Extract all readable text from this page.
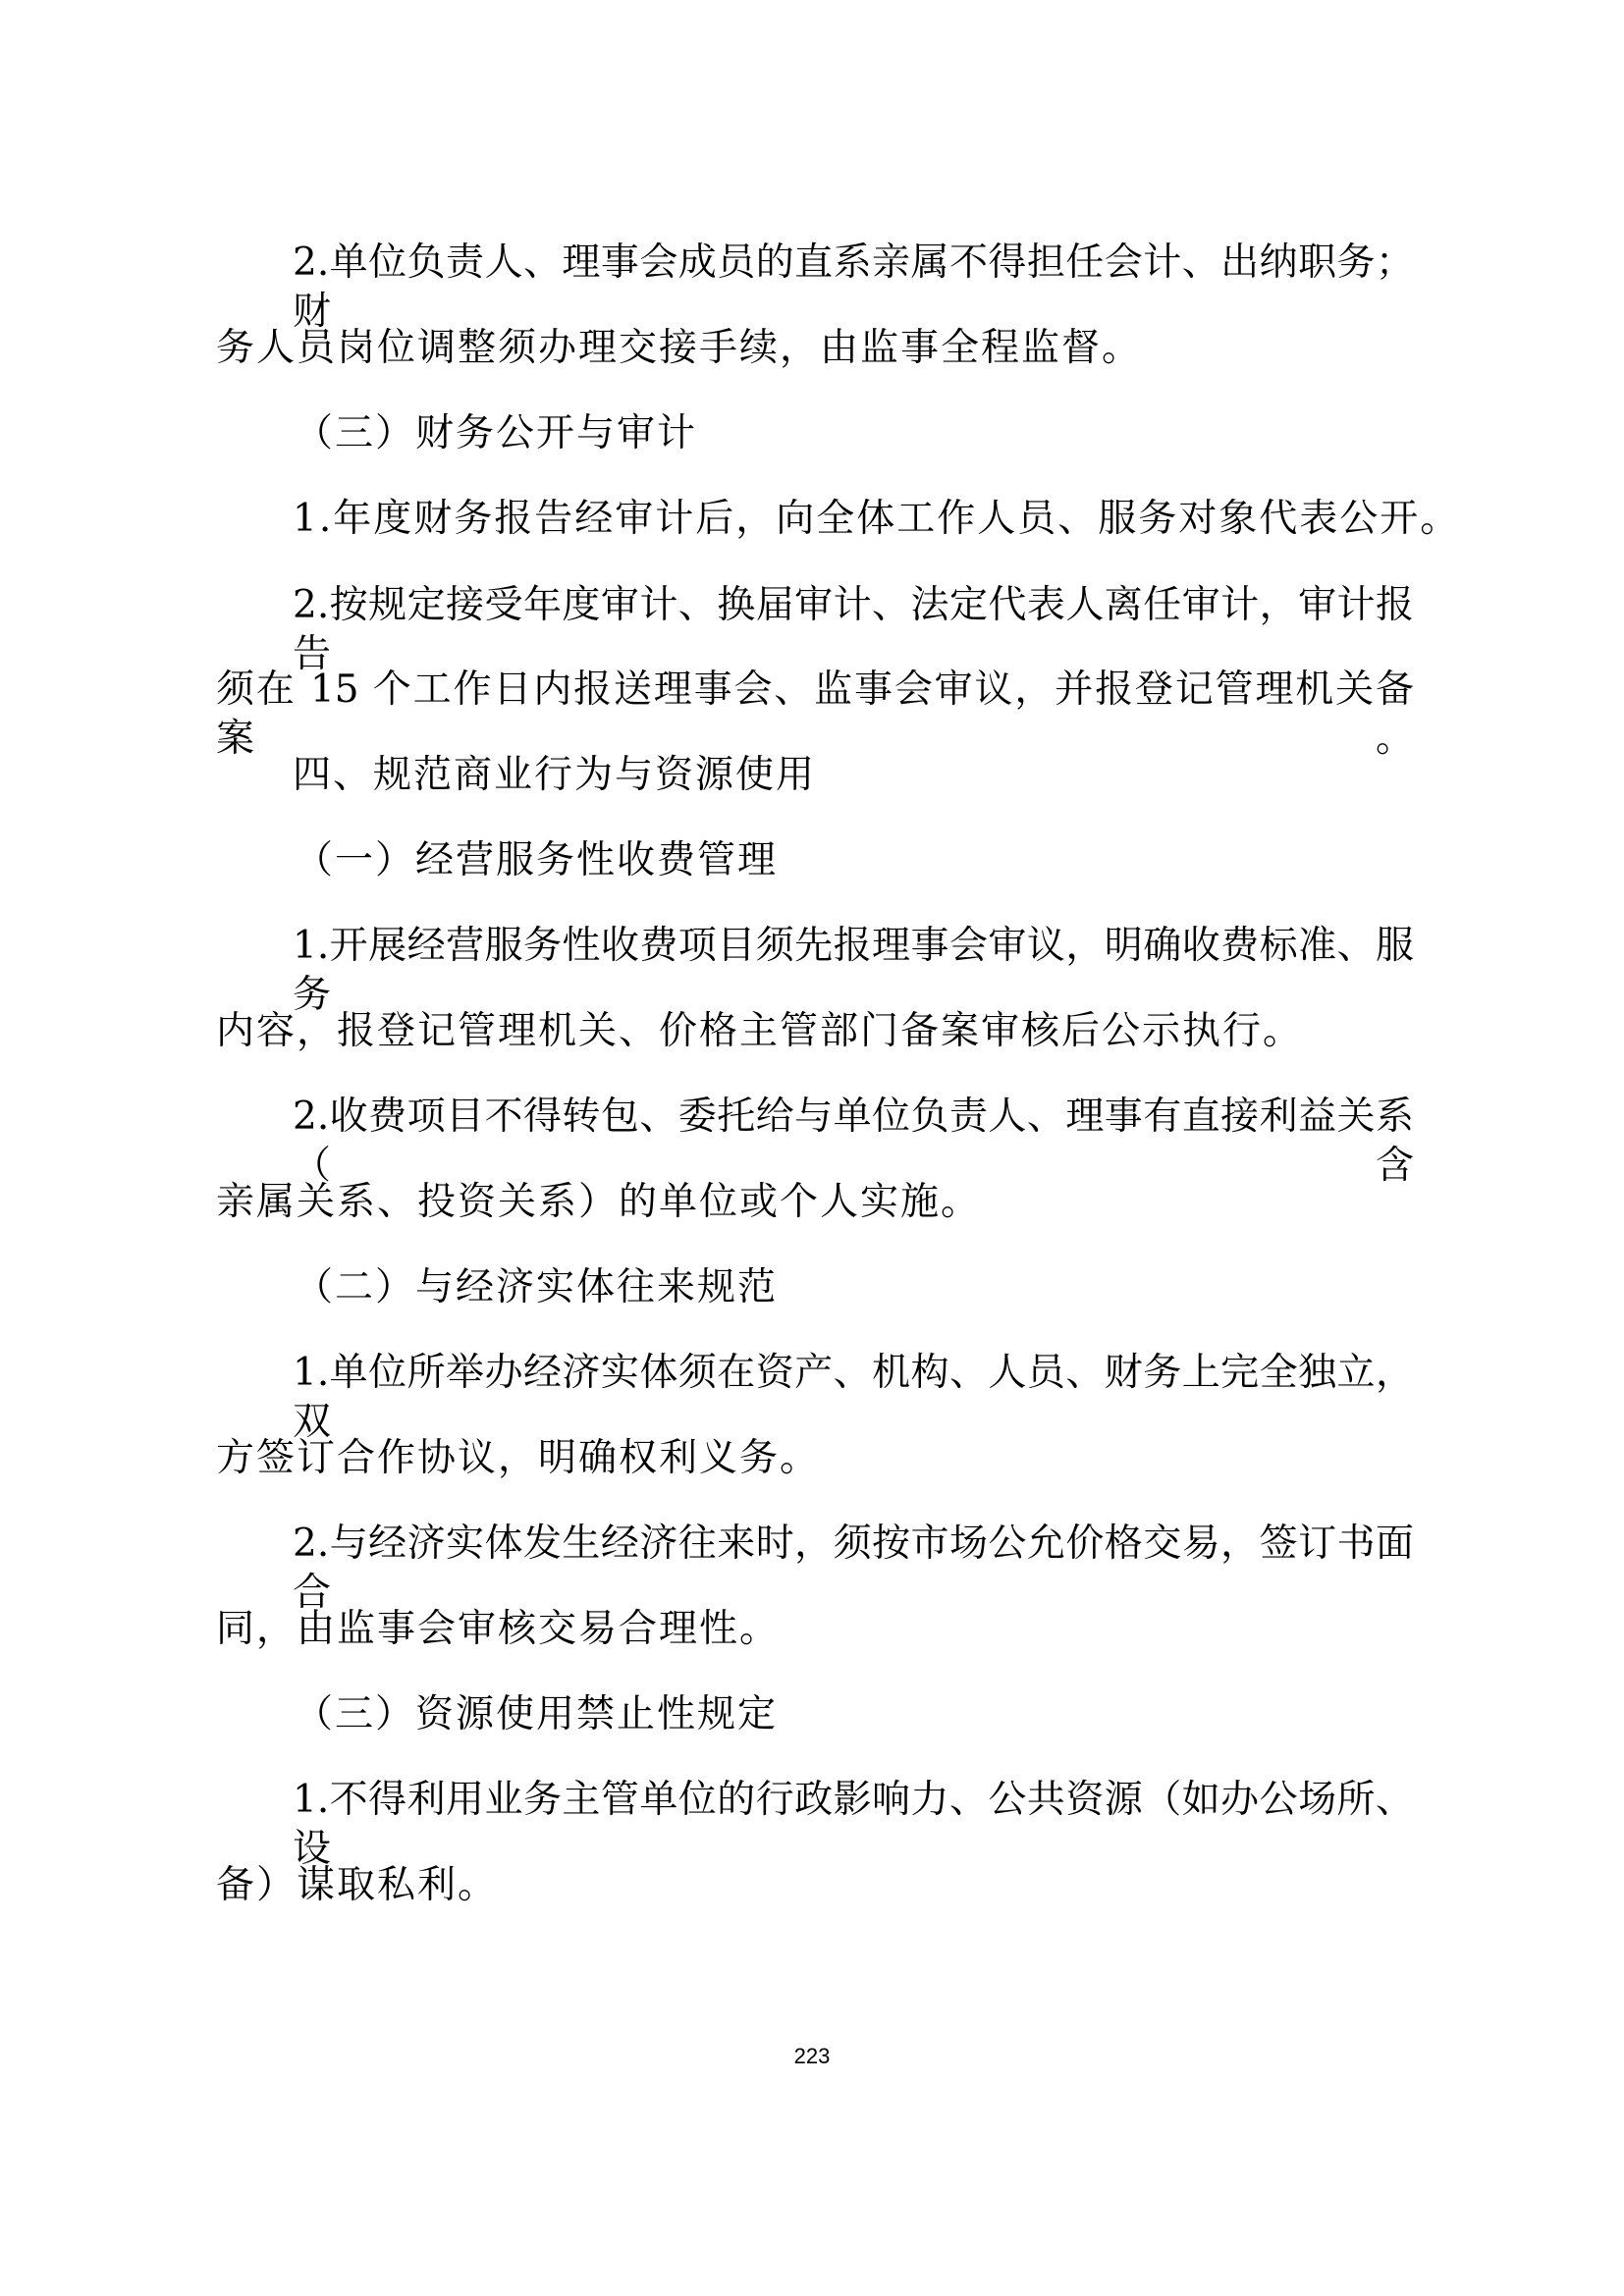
2.单位负责人、理事会成员的直系亲属不得担任会计、出纳职务；财
务人员岗位调整须办理交接手续，由监事全程监督。
（三）财务公开与审计
1.年度财务报告经审计后，向全体工作人员、服务对象代表公开。
2.按规定接受年度审计、换届审计、法定代表人离任审计，审计报告
须在 15 个工作日内报送理事会、监事会审议，并报登记管理机关备案。
四、规范商业行为与资源使用
（一）经营服务性收费管理
1.开展经营服务性收费项目须先报理事会审议，明确收费标准、服务
内容，报登记管理机关、价格主管部门备案审核后公示执行。
2.收费项目不得转包、委托给与单位负责人、理事有直接利益关系（含
亲属关系、投资关系）的单位或个人实施。
（二）与经济实体往来规范
1.单位所举办经济实体须在资产、机构、人员、财务上完全独立，双
方签订合作协议，明确权利义务。
2.与经济实体发生经济往来时，须按市场公允价格交易，签订书面合
同，由监事会审核交易合理性。
（三）资源使用禁止性规定
1.不得利用业务主管单位的行政影响力、公共资源（如办公场所、设
备）谋取私利。
223
